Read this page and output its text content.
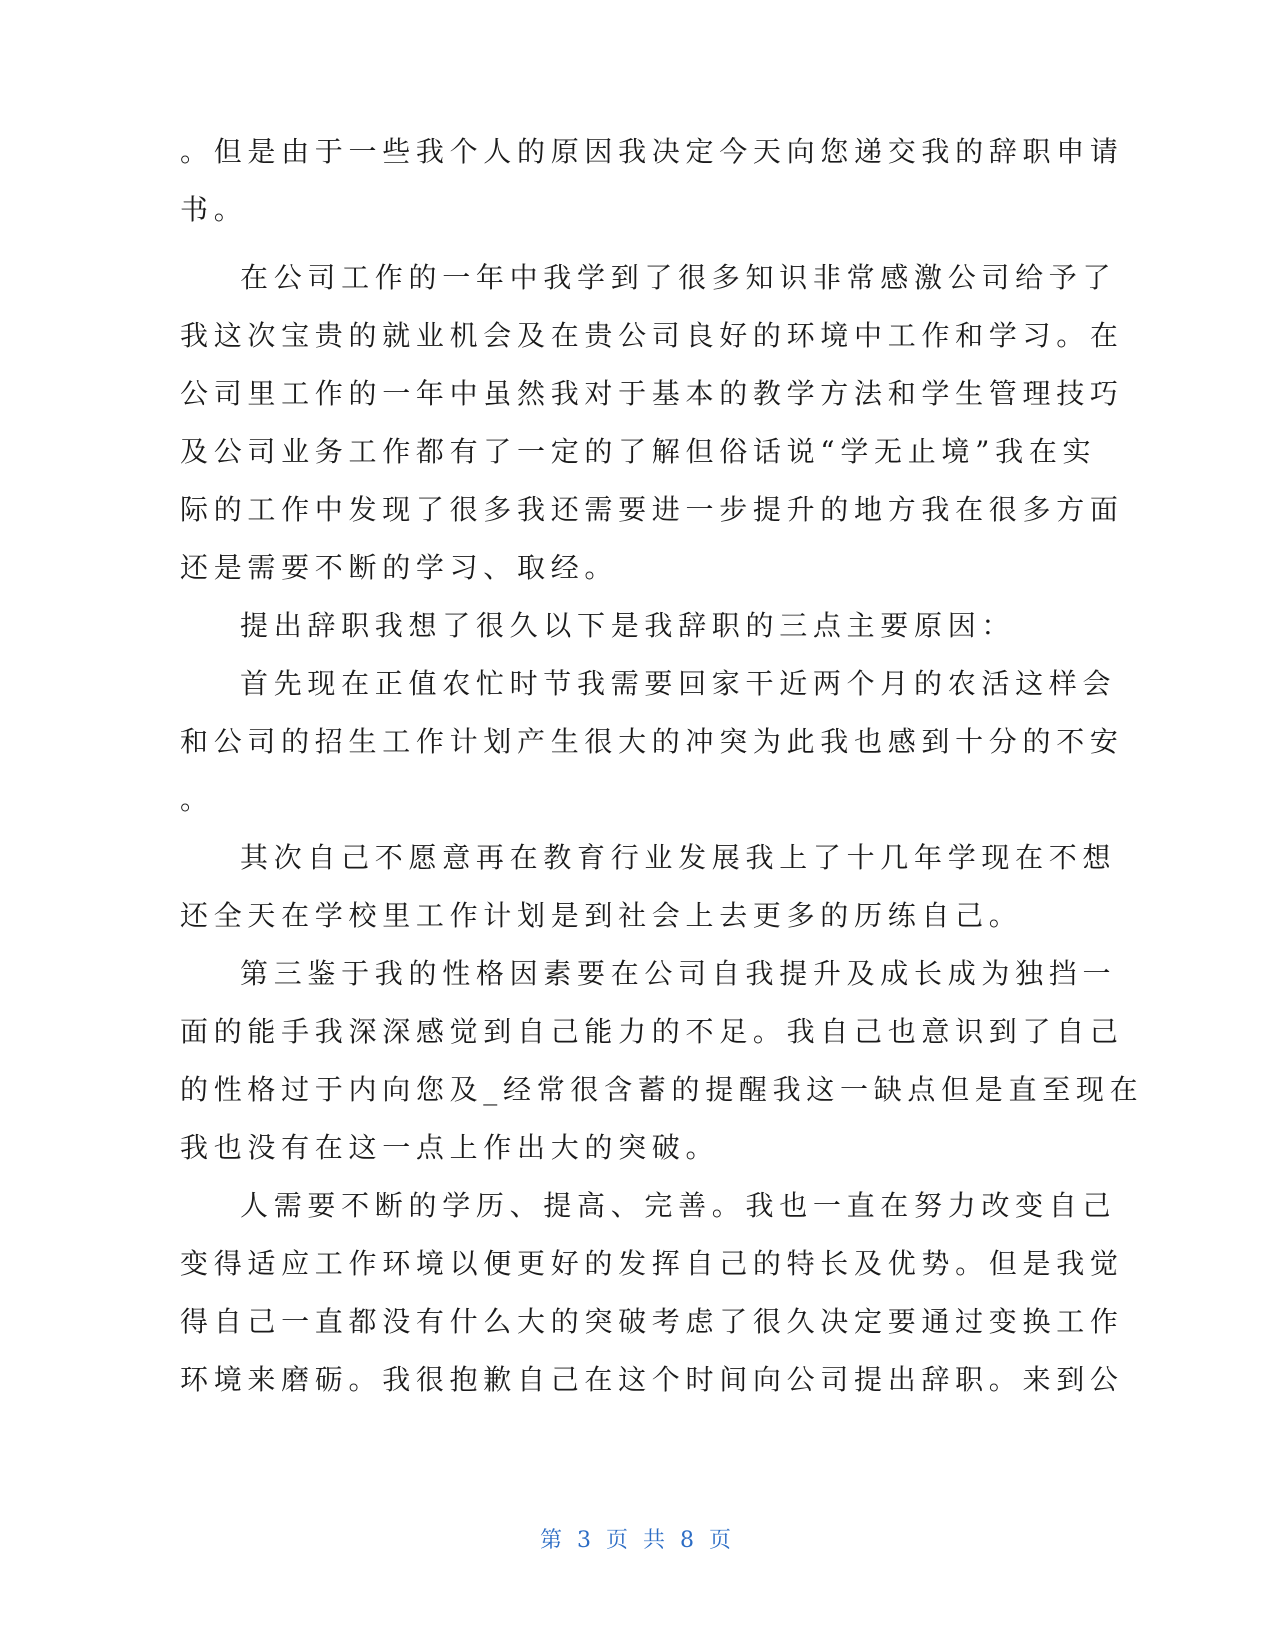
。但是由于一些我个人的原因我决定今天向您递交我的辞职申请
书。
在公司工作的一年中我学到了很多知识非常感激公司给予了
我这次宝贵的就业机会及在贵公司良好的环境中工作和学习。在
公司里工作的一年中虽然我对于基本的教学方法和学生管理技巧
及公司业务工作都有了一定的了解但俗话说“学无止境”我在实
际的工作中发现了很多我还需要进一步提升的地方我在很多方面
还是需要不断的学习、取经。
提出辞职我想了很久以下是我辞职的三点主要原因：
首先现在正值农忙时节我需要回家干近两个月的农活这样会
和公司的招生工作计划产生很大的冲突为此我也感到十分的不安
。
其次自己不愿意再在教育行业发展我上了十几年学现在不想
还全天在学校里工作计划是到社会上去更多的历练自己。
第三鉴于我的性格因素要在公司自我提升及成长成为独挡一
面的能手我深深感觉到自己能力的不足。我自己也意识到了自己
的性格过于内向您及_经常很含蓄的提醒我这一缺点但是直至现在
我也没有在这一点上作出大的突破。
人需要不断的学历、提高、完善。我也一直在努力改变自己
变得适应工作环境以便更好的发挥自己的特长及优势。但是我觉
得自己一直都没有什么大的突破考虑了很久决定要通过变换工作
环境来磨砺。我很抱歉自己在这个时间向公司提出辞职。来到公
第 3 页 共 8 页
